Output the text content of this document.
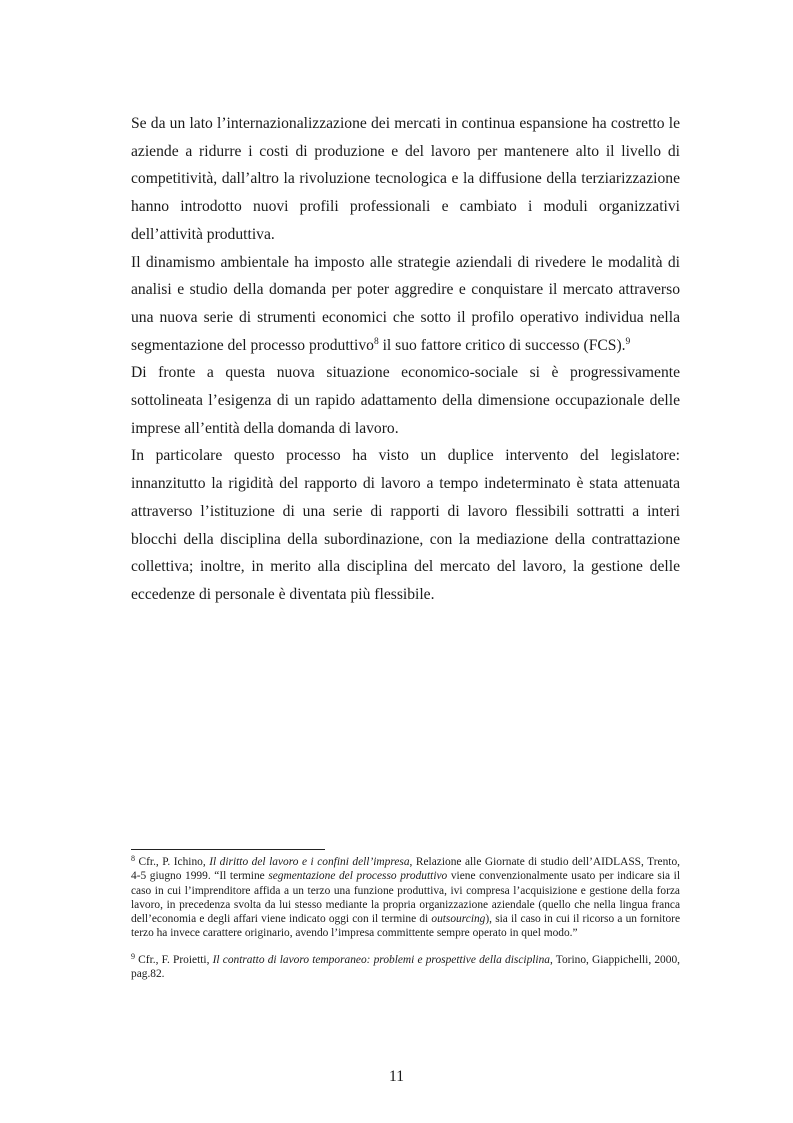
Se da un lato l’internazionalizzazione dei mercati in continua espansione ha costretto le aziende a ridurre i costi di produzione e del lavoro per mantenere alto il livello di competitività, dall’altro la rivoluzione tecnologica e la diffusione della terziarizzazione hanno introdotto nuovi profili professionali e cambiato i moduli organizzativi dell’attività produttiva.

Il dinamismo ambientale ha imposto alle strategie aziendali di rivedere le modalità di analisi e studio della domanda per poter aggredire e conquistare il mercato attraverso una nuova serie di strumenti economici che sotto il profilo operativo individua nella segmentazione del processo produttivo$^8$ il suo fattore critico di successo (FCS).$^9$

Di fronte a questa nuova situazione economico-sociale si è progressivamente sottolineata l’esigenza di un rapido adattamento della dimensione occupazionale delle imprese all’entità della domanda di lavoro.

In particolare questo processo ha visto un duplice intervento del legislatore: innanzitutto la rigidità del rapporto di lavoro a tempo indeterminato è stata attenuata attraverso l’istituzione di una serie di rapporti di lavoro flessibili sottratti a interi blocchi della disciplina della subordinazione, con la mediazione della contrattazione collettiva; inoltre, in merito alla disciplina del mercato del lavoro, la gestione delle eccedenze di personale è diventata più flessibile.

$^8$ Cfr., P. Ichino, Il diritto del lavoro e i confini dell’impresa, Relazione alle Giornate di studio dell’AIDLASS, Trento, 4-5 giugno 1999. “Il termine segmentazione del processo produttivo viene convenzionalmente usato per indicare sia il caso in cui l’imprenditore affida a un terzo una funzione produttiva, ivi compresa l’acquisizione e gestione della forza lavoro, in precedenza svolta da lui stesso mediante la propria organizzazione aziendale (quello che nella lingua franca dell’economia e degli affari viene indicato oggi con il termine di outsourcing), sia il caso in cui il ricorso a un fornitore terzo ha invece carattere originario, avendo l’impresa committente sempre operato in quel modo.”

$^9$ Cfr., F. Proietti, Il contratto di lavoro temporaneo: problemi e prospettive della disciplina, Torino, Giappichelli, 2000, pag.82.

11
